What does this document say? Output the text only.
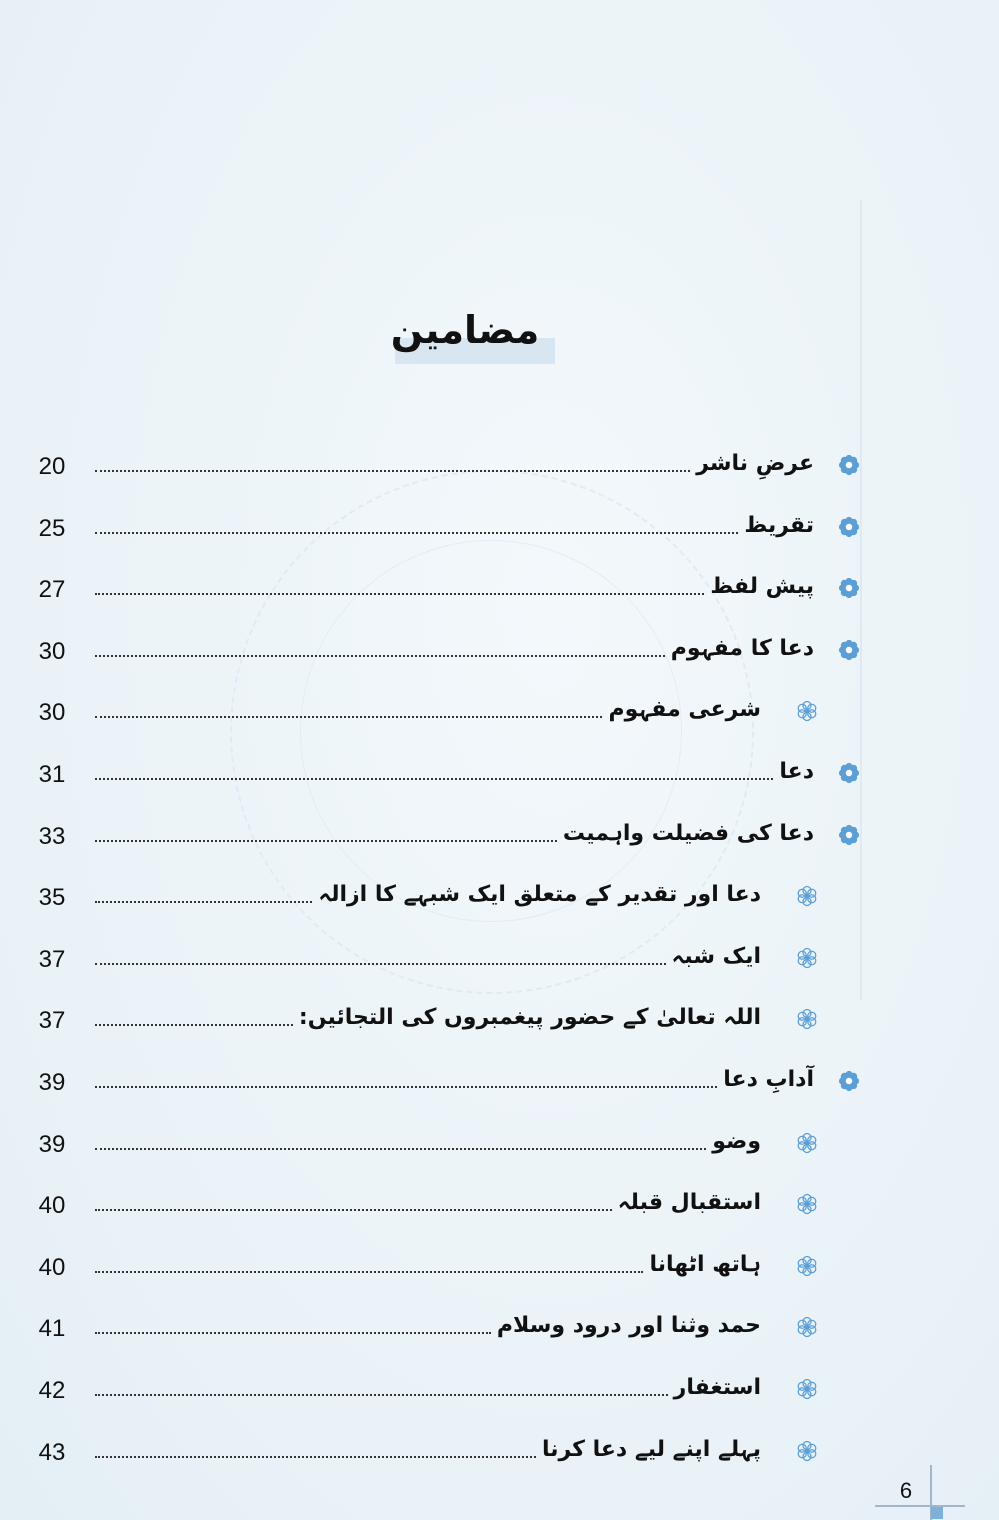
مضامین
20	عرضِ ناشر
25	تقریظ
27	پیش لفظ
30	دعا کا مفہوم
30	شرعی مفہوم
31	دعا
33	دعا کی فضیلت واہمیت
35	دعا اور تقدیر کے متعلق ایک شبہے کا ازالہ
37	ایک شبہ
37	اللہ تعالیٰ کے حضور پیغمبروں کی التجائیں:
39	آدابِ دعا
39	وضو
40	استقبال قبلہ
40	ہاتھ اٹھانا
41	حمد وثنا اور درود وسلام
42	استغفار
43	پہلے اپنے لیے دعا کرنا
6
